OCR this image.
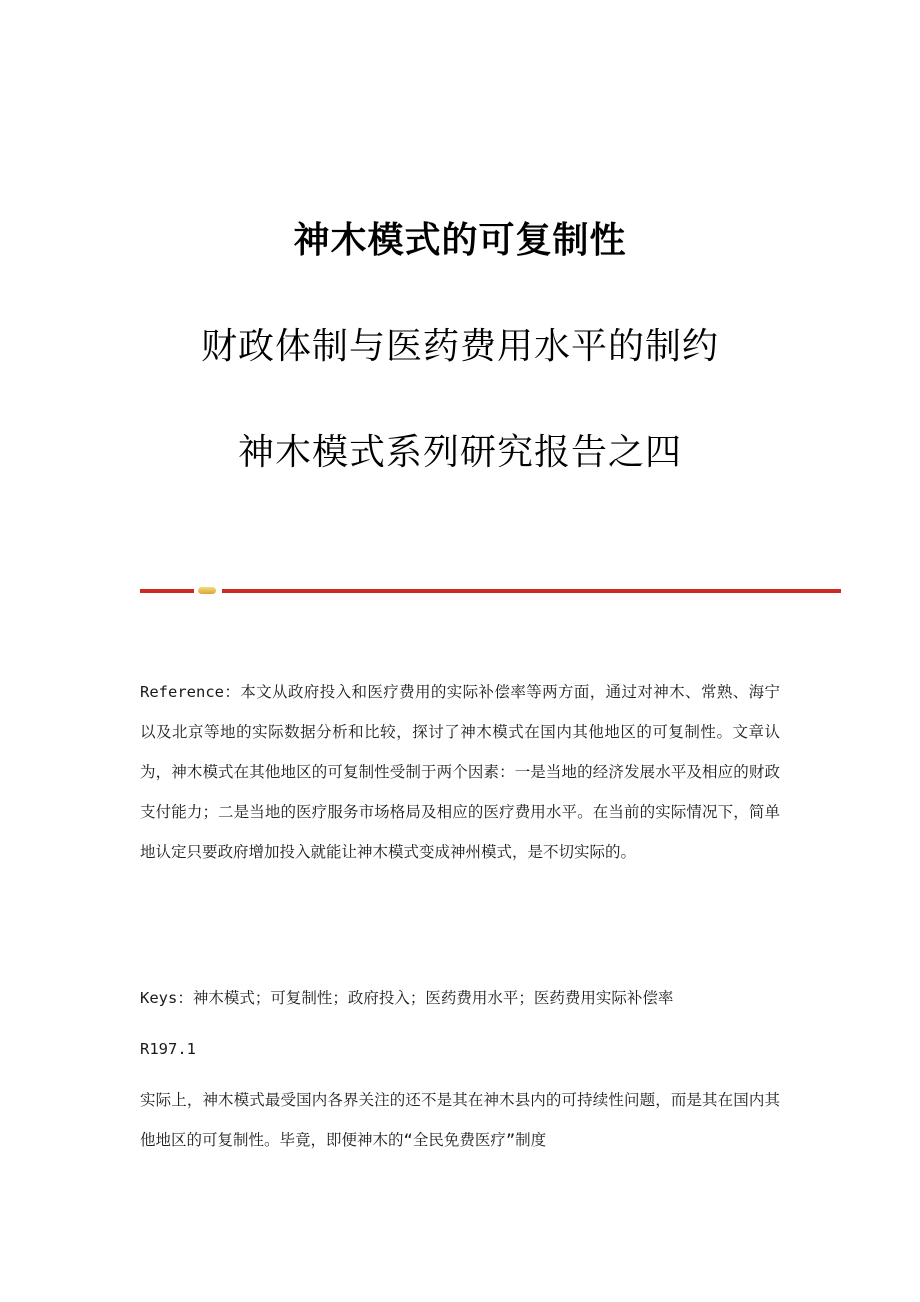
神木模式的可复制性
财政体制与医药费用水平的制约
神木模式系列研究报告之四

Reference：本文从政府投入和医疗费用的实际补偿率等两方面，通过对神木、常熟、海宁以及北京等地的实际数据分析和比较，探讨了神木模式在国内其他地区的可复制性。文章认为，神木模式在其他地区的可复制性受制于两个因素：一是当地的经济发展水平及相应的财政支付能力；二是当地的医疗服务市场格局及相应的医疗费用水平。在当前的实际情况下，简单地认定只要政府增加投入就能让神木模式变成神州模式，是不切实际的。

Keys：神木模式；可复制性；政府投入；医药费用水平；医药费用实际补偿率

R197.1

实际上，神木模式最受国内各界关注的还不是其在神木县内的可持续性问题，而是其在国内其他地区的可复制性。毕竟，即便神木的“全民免费医疗”制度
